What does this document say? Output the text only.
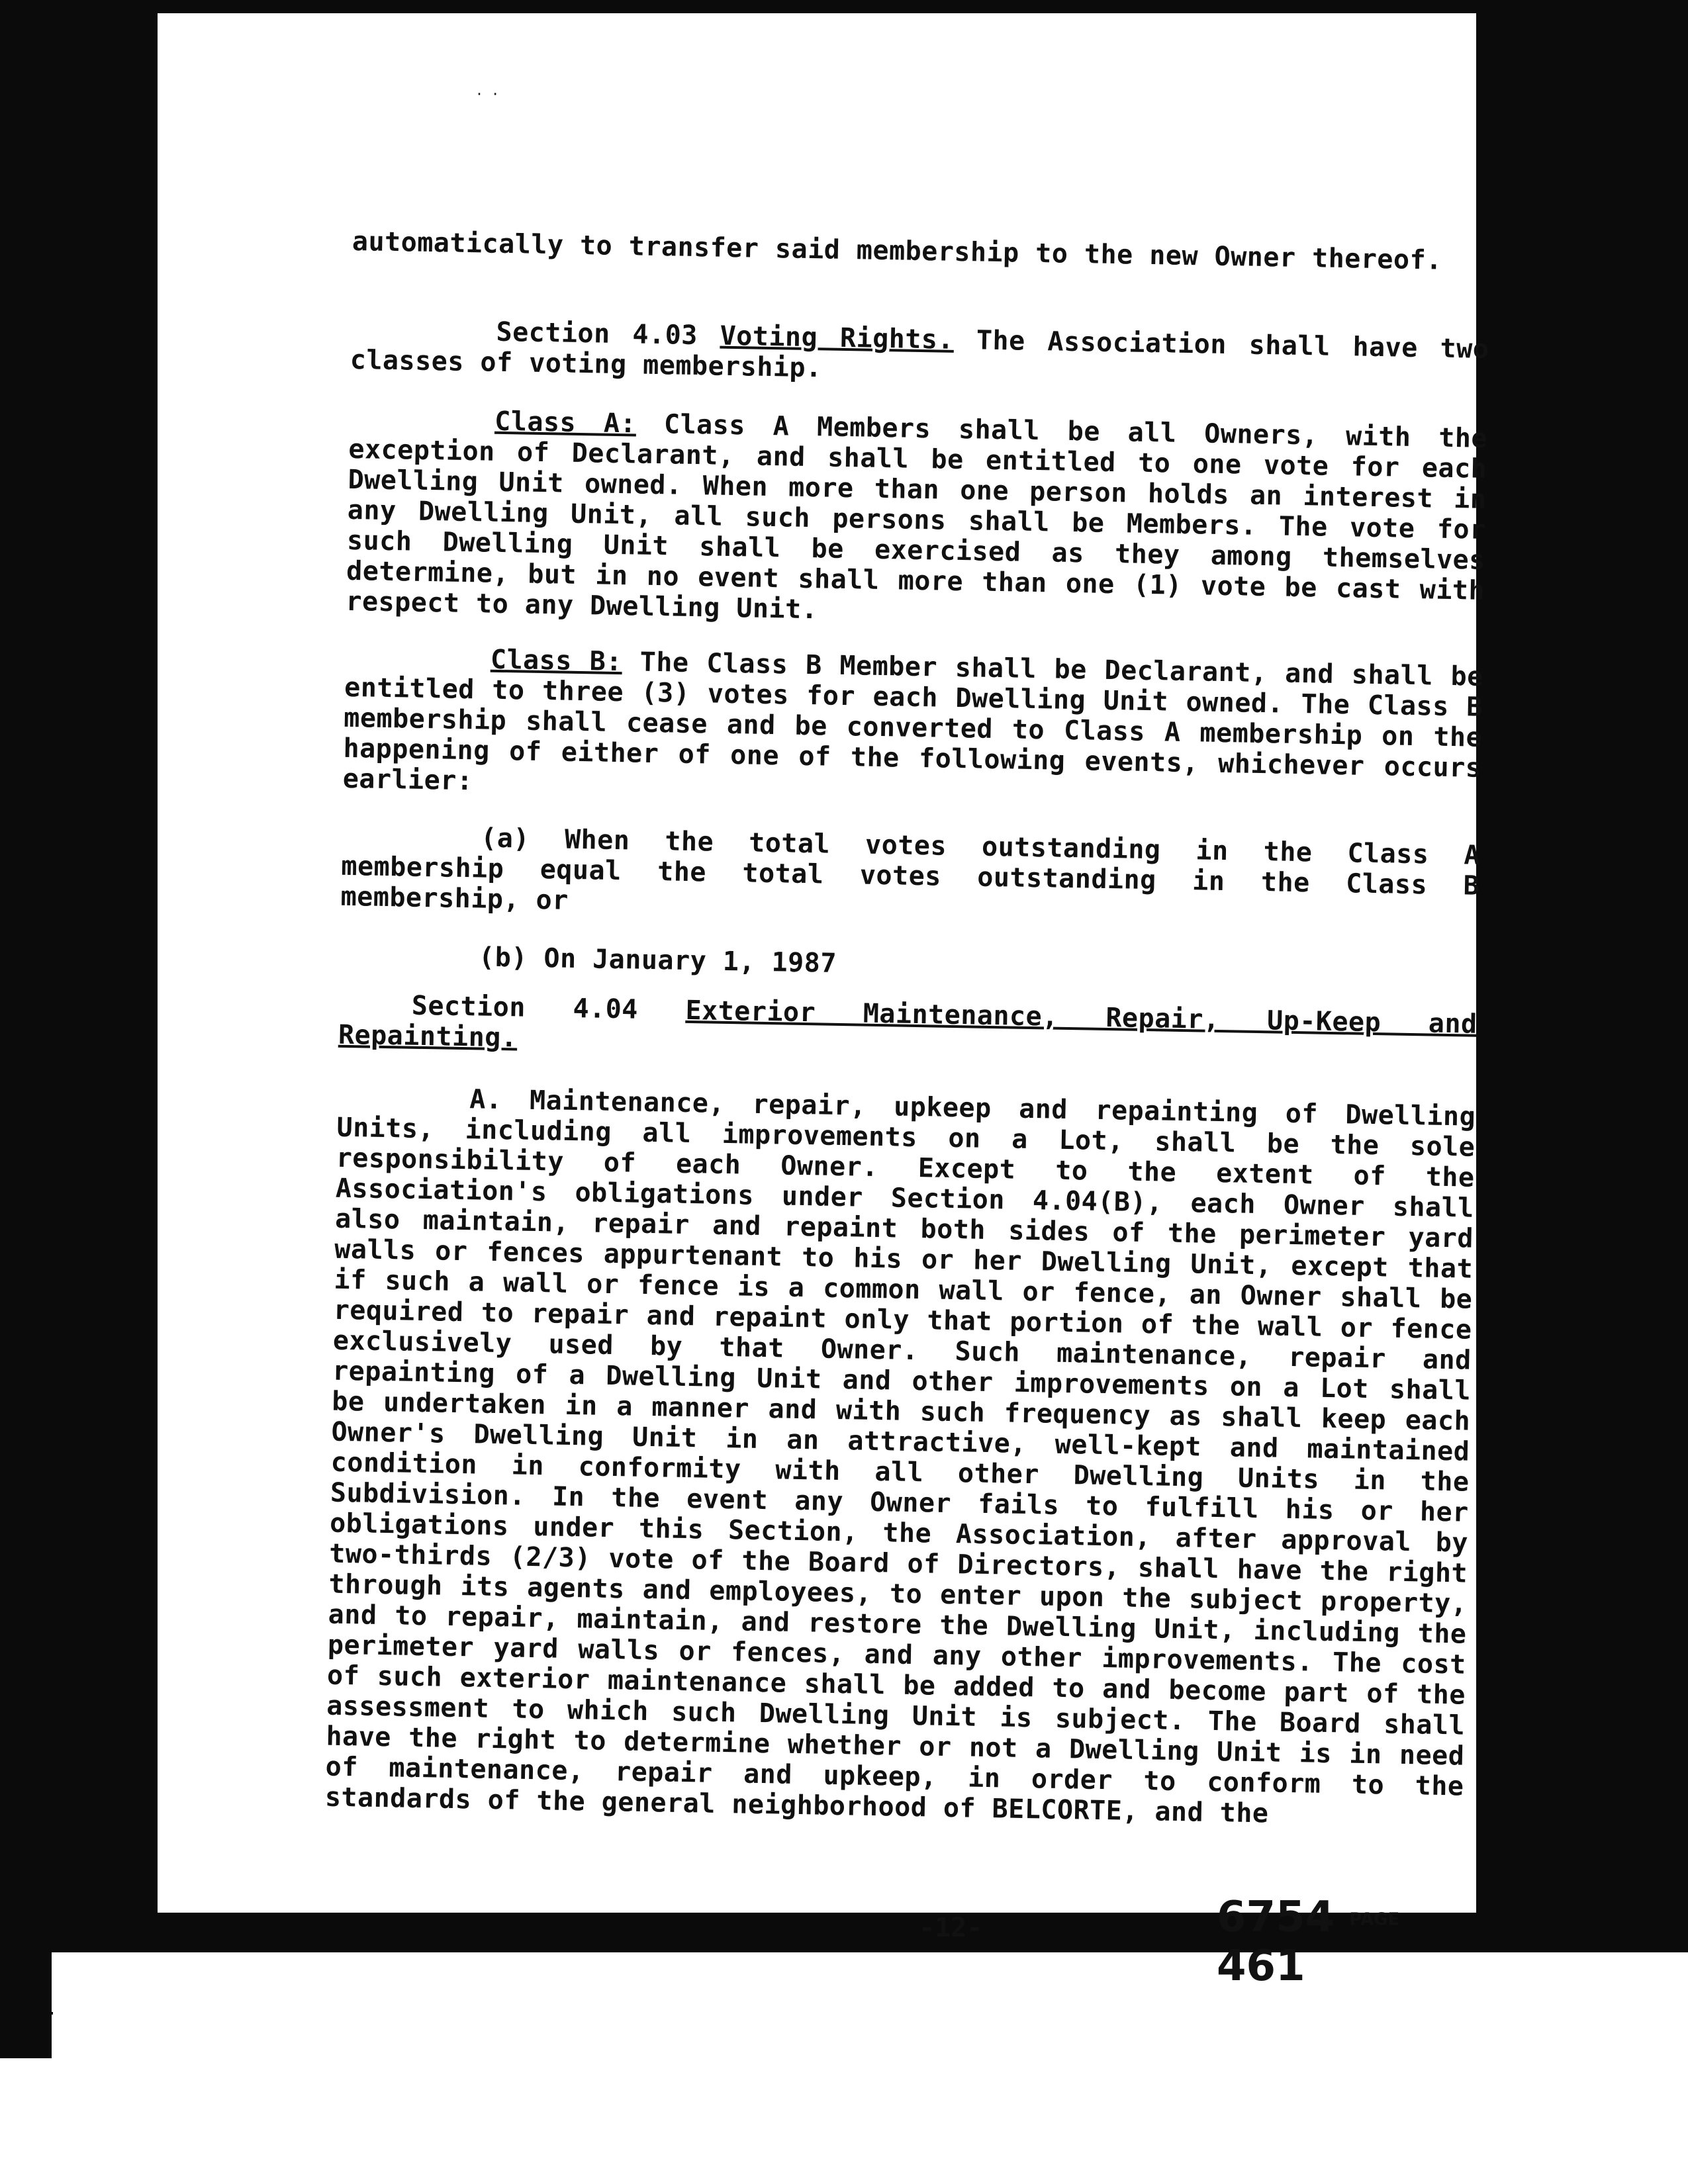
· ·
automatically to transfer said membership to the new Owner thereof.
Section 4.03 Voting Rights. The Association shall have two classes of voting membership.
Class A: Class A Members shall be all Owners, with the exception of Declarant, and shall be entitled to one vote for each Dwelling Unit owned. When more than one person holds an interest in any Dwelling Unit, all such persons shall be Members. The vote for such Dwelling Unit shall be exercised as they among themselves determine, but in no event shall more than one (1) vote be cast with respect to any Dwelling Unit.
Class B: The Class B Member shall be Declarant, and shall be entitled to three (3) votes for each Dwelling Unit owned. The Class B membership shall cease and be converted to Class A membership on the happening of either of one of the following events, whichever occurs earlier:
(a) When the total votes outstanding in the Class A membership equal the total votes outstanding in the Class B membership, or
(b) On January 1, 1987
Section 4.04 Exterior Maintenance, Repair, Up-Keep and Repainting.
A. Maintenance, repair, upkeep and repainting of Dwelling Units, including all improvements on a Lot, shall be the sole responsibility of each Owner. Except to the extent of the Association's obligations under Section 4.04(B), each Owner shall also maintain, repair and repaint both sides of the perimeter yard walls or fences appurtenant to his or her Dwelling Unit, except that if such a wall or fence is a common wall or fence, an Owner shall be required to repair and repaint only that portion of the wall or fence exclusively used by that Owner. Such maintenance, repair and repainting of a Dwelling Unit and other improvements on a Lot shall be undertaken in a manner and with such frequency as shall keep each Owner's Dwelling Unit in an attractive, well-kept and maintained condition in conformity with all other Dwelling Units in the Subdivision. In the event any Owner fails to fulfill his or her obligations under this Section, the Association, after approval by two-thirds (2/3) vote of the Board of Directors, shall have the right through its agents and employees, to enter upon the subject property, and to repair, maintain, and restore the Dwelling Unit, including the perimeter yard walls or fences, and any other improvements. The cost of such exterior maintenance shall be added to and become part of the assessment to which such Dwelling Unit is subject. The Board shall have the right to determine whether or not a Dwelling Unit is in need of maintenance, repair and upkeep, in order to conform to the standards of the general neighborhood of BELCORTE, and the
-12-	6754 PAGE 461
